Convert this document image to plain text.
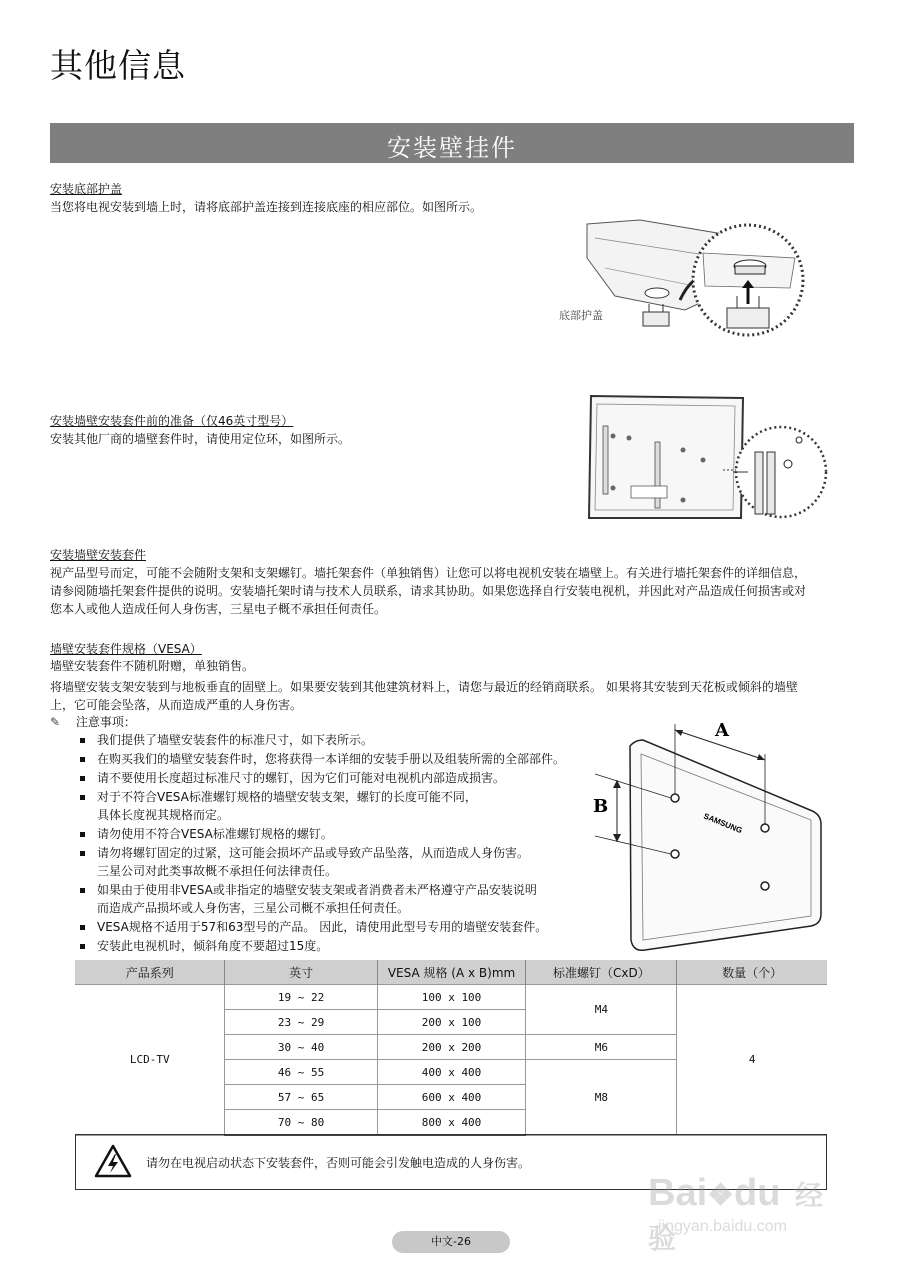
其他信息
安装壁挂件
安装底部护盖
当您将电视安装到墙上时，请将底部护盖连接到连接底座的相应部位。如图所示。
底部护盖
安装墙壁安装套件前的准备（仅46英寸型号）
安装其他厂商的墙壁套件时，请使用定位环，如图所示。
安装墙壁安装套件
视产品型号而定，可能不会随附支架和支架螺钉。墙托架套件（单独销售）让您可以将电视机安装在墙壁上。有关进行墙托架套件的详细信息，
请参阅随墙托架套件提供的说明。安装墙托架时请与技术人员联系，请求其协助。如果您选择自行安装电视机，并因此对产品造成任何损害或对
您本人或他人造成任何人身伤害，三星电子概不承担任何责任。
墙壁安装套件规格（VESA）
墙壁安装套件不随机附赠，单独销售。
将墙壁安装支架安装到与地板垂直的固壁上。如果要安装到其他建筑材料上，请您与最近的经销商联系。 如果将其安装到天花板或倾斜的墙壁
上，它可能会坠落，从而造成严重的人身伤害。
✎ 注意事项：
我们提供了墙壁安装套件的标准尺寸，如下表所示。
在购买我们的墙壁安装套件时，您将获得一本详细的安装手册以及组装所需的全部部件。
请不要使用长度超过标准尺寸的螺钉，因为它们可能对电视机内部造成损害。
对于不符合VESA标准螺钉规格的墙壁安装支架，螺钉的长度可能不同，
具体长度视其规格而定。
请勿使用不符合VESA标准螺钉规格的螺钉。
请勿将螺钉固定的过紧，这可能会损坏产品或导致产品坠落，从而造成人身伤害。
三星公司对此类事故概不承担任何法律责任。
如果由于使用非VESA或非指定的墙壁安装支架或者消费者未严格遵守产品安装说明
而造成产品损坏或人身伤害，三星公司概不承担任何责任。
VESA规格不适用于57和63型号的产品。 因此，请使用此型号专用的墙壁安装套件。
安装此电视机时，倾斜角度不要超过15度。
A
B
SAMSUNG
产品系列	英寸	VESA 规格 (A x B)mm	标准螺钉（CxD）	数量（个）
LCD-TV	19 ~ 22	100 x 100	M4	4
	23 ~ 29	200 x 100		
	30 ~ 40	200 x 200	M6	
	46 ~ 55	400 x 400	M8	
	57 ~ 65	600 x 400		
	70 ~ 80	800 x 400		
请勿在电视启动状态下安装套件，否则可能会引发触电造成的人身伤害。
中文-26
Bai❖du 经验
jingyan.baidu.com
